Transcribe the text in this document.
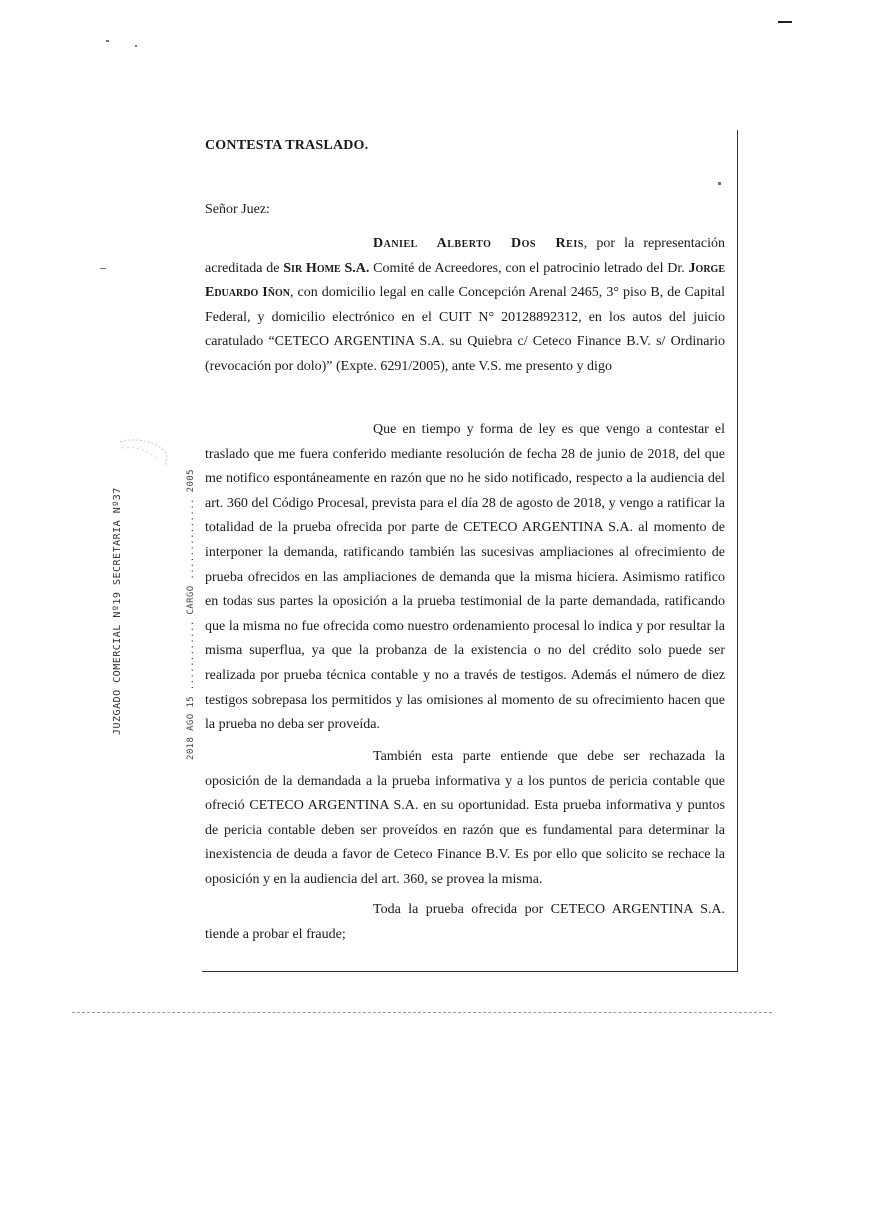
CONTESTA TRASLADO.
Señor Juez:
Daniel Alberto Dos Reis, por la representación acreditada de Sir Home S.A. Comité de Acreedores, con el patrocinio letrado del Dr. Jorge Eduardo Iñon, con domicilio legal en calle Concepción Arenal 2465, 3° piso B, de Capital Federal, y domicilio electrónico en el CUIT N° 20128892312, en los autos del juicio caratulado “CETECO ARGENTINA S.A. su Quiebra c/ Ceteco Finance B.V. s/ Ordinario (revocación por dolo)” (Expte. 6291/2005), ante V.S. me presento y digo
Que en tiempo y forma de ley es que vengo a contestar el traslado que me fuera conferido mediante resolución de fecha 28 de junio de 2018, del que me notifico espontáneamente en razón que no he sido notificado, respecto a la audiencia del art. 360 del Código Procesal, prevista para el día 28 de agosto de 2018, y vengo a ratificar la totalidad de la prueba ofrecida por parte de CETECO ARGENTINA S.A. al momento de interponer la demanda, ratificando también las sucesivas ampliaciones al ofrecimiento de prueba ofrecidos en las ampliaciones de demanda que la misma hiciera. Asimismo ratifico en todas sus partes la oposición a la prueba testimonial de la parte demandada, ratificando que la misma no fue ofrecida como nuestro ordenamiento procesal lo indica y por resultar la misma superflua, ya que la probanza de la existencia o no del crédito solo puede ser realizada por prueba técnica contable y no a través de testigos. Además el número de diez testigos sobrepasa los permitidos y las omisiones al momento de su ofrecimiento hacen que la prueba no deba ser proveída.
También esta parte entiende que debe ser rechazada la oposición de la demandada a la prueba informativa y a los puntos de pericia contable que ofreció CETECO ARGENTINA S.A. en su oportunidad. Esta prueba informativa y puntos de pericia contable deben ser proveídos en razón que es fundamental para determinar la inexistencia de deuda a favor de Ceteco Finance B.V. Es por ello que solicito se rechace la oposición y en la audiencia del art. 360, se provea la misma.
Toda la prueba ofrecida por CETECO ARGENTINA S.A. tiende a probar el fraude;
JUZGADO COMERCIAL Nº19 SECRETARIA Nº37	2018 AGO 15 ............ CARGO .............. 2005
